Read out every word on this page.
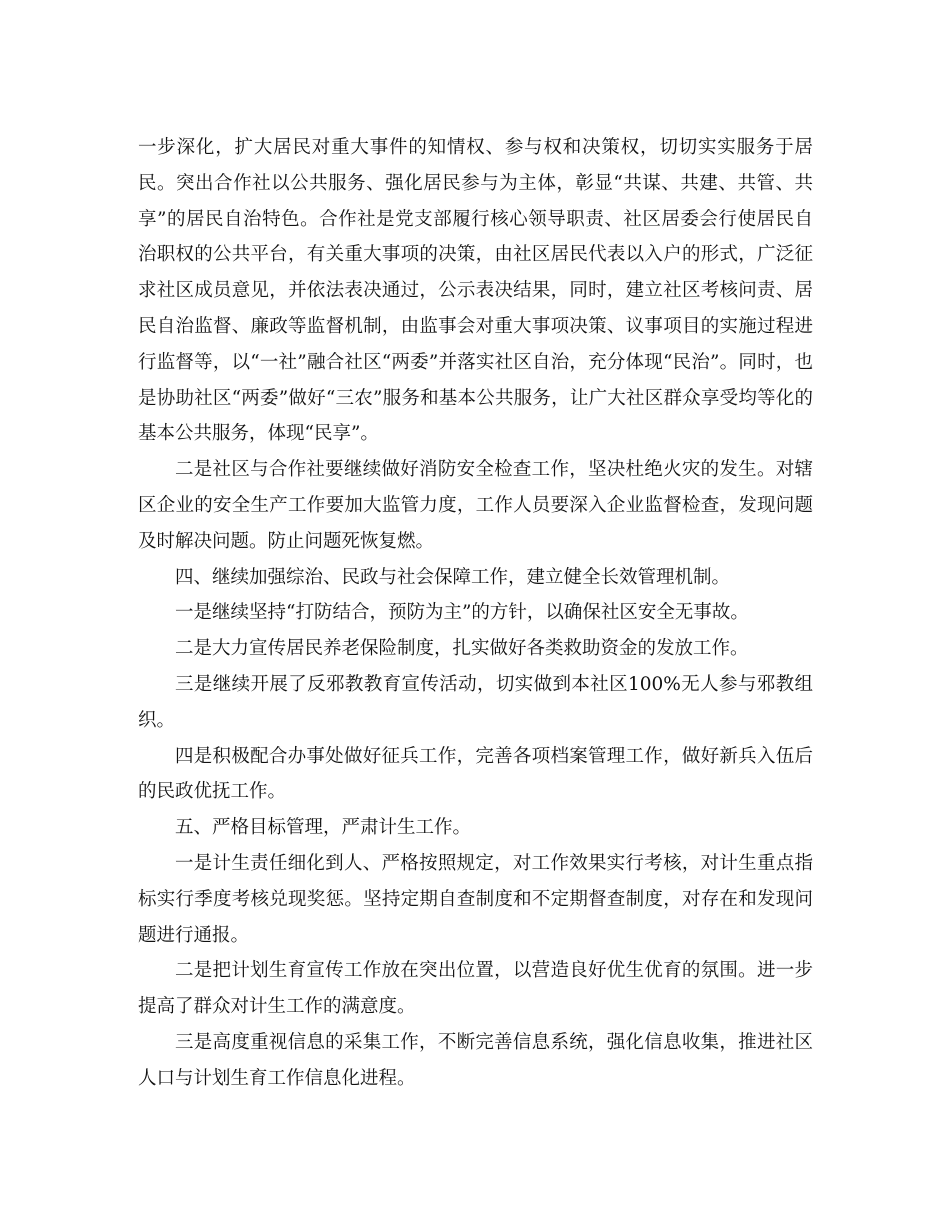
一步深化，扩大居民对重大事件的知情权、参与权和决策权，切切实实服务于居民。突出合作社以公共服务、强化居民参与为主体，彰显“共谋、共建、共管、共享”的居民自治特色。合作社是党支部履行核心领导职责、社区居委会行使居民自治职权的公共平台，有关重大事项的决策，由社区居民代表以入户的形式，广泛征求社区成员意见，并依法表决通过，公示表决结果，同时，建立社区考核问责、居民自治监督、廉政等监督机制，由监事会对重大事项决策、议事项目的实施过程进行监督等，以“一社”融合社区“两委”并落实社区自治，充分体现“民治”。同时，也是协助社区“两委”做好“三农”服务和基本公共服务，让广大社区群众享受均等化的基本公共服务，体现“民享”。

二是社区与合作社要继续做好消防安全检查工作，坚决杜绝火灾的发生。对辖区企业的安全生产工作要加大监管力度，工作人员要深入企业监督检查，发现问题及时解决问题。防止问题死恢复燃。

四、继续加强综治、民政与社会保障工作，建立健全长效管理机制。

一是继续坚持“打防结合，预防为主”的方针，以确保社区安全无事故。

二是大力宣传居民养老保险制度，扎实做好各类救助资金的发放工作。

三是继续开展了反邪教教育宣传活动，切实做到本社区100%无人参与邪教组织。

四是积极配合办事处做好征兵工作，完善各项档案管理工作，做好新兵入伍后的民政优抚工作。

五、严格目标管理，严肃计生工作。

一是计生责任细化到人、严格按照规定，对工作效果实行考核，对计生重点指标实行季度考核兑现奖惩。坚持定期自查制度和不定期督查制度，对存在和发现问题进行通报。

二是把计划生育宣传工作放在突出位置，以营造良好优生优育的氛围。进一步提高了群众对计生工作的满意度。

三是高度重视信息的采集工作，不断完善信息系统，强化信息收集，推进社区人口与计划生育工作信息化进程。
